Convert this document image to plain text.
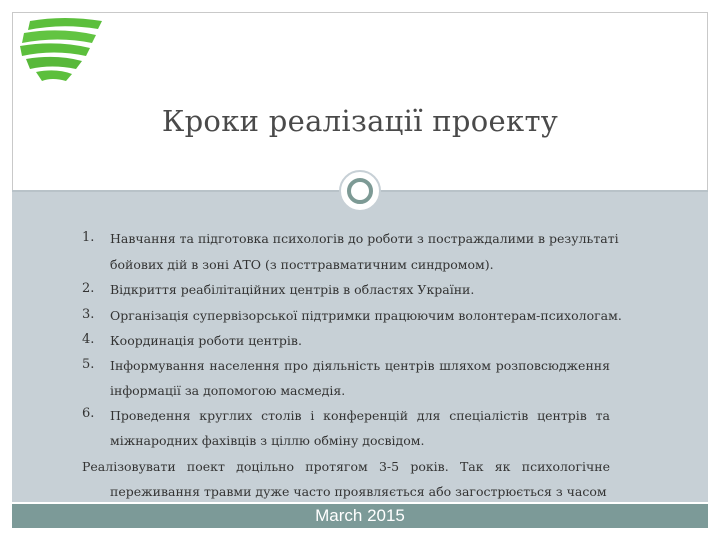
Кроки реалізації проекту
1. Навчання та підготовка психологів до роботи з постраждалими в результаті
бойових дій в зоні АТО (з посттравматичним синдромом).
2. Відкриття реабілітаційних центрів в областях України.
3. Організація супервізорської підтримки працюючим волонтерам-психологам.
4. Координація роботи центрів.
5. Інформування населення про діяльність центрів шляхом розповсюдження
інформації за допомогою масмедія.
6. Проведення круглих столів і конференцій для спеціалістів центрів та
міжнародних фахівців з ціллю обміну досвідом.
Реалізовувати поект доцільно протягом 3-5 років. Так як психологічне
переживання травми дуже часто проявляється або загострюється з часом
March 2015
